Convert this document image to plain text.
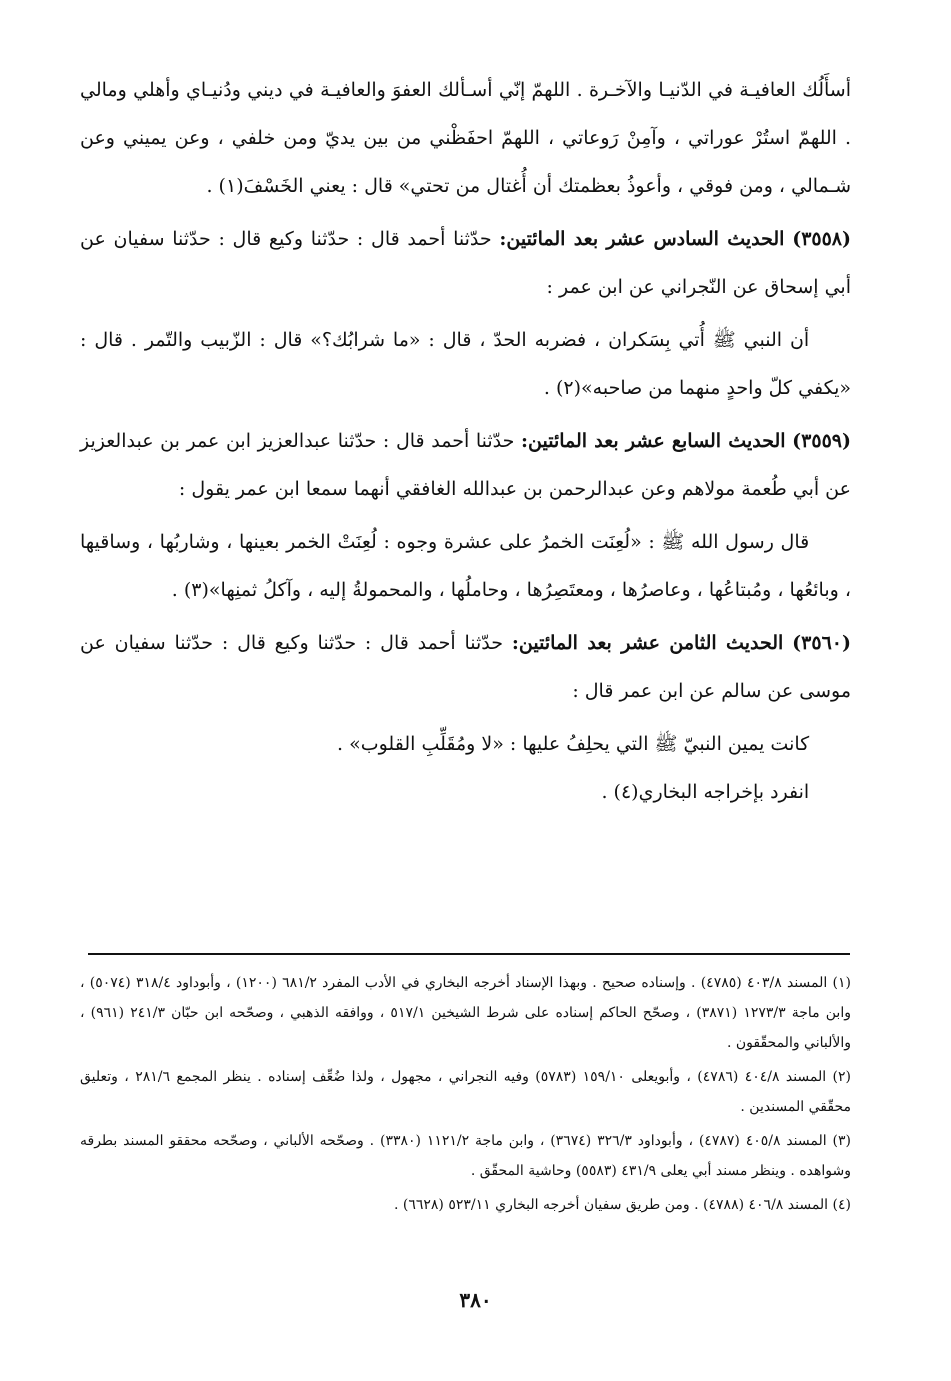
أسأَلُك العافيـة في الدّنيـا والآخـرة . اللهمّ إنّي أسـألك العفوَ والعافيـة في ديني ودُنيـاي وأهلي ومالي . اللهمّ استُرْ عوراتي ، وآمِنْ رَوعاتي ، اللهمّ احفَظْني من بين يديّ ومن خلفي ، وعن يميني وعن شـمالي ، ومن فوقي ، وأعوذُ بعظمتك أن أُغتال من تحتي» قال : يعني الخَسْفَ(١) .

(٣٥٥٨) الحديث السادس عشر بعد المائتين: حدّثنا أحمد قال : حدّثنا وكيع قال : حدّثنا سفيان عن أبي إسحاق عن النّجراني عن ابن عمر :

أن النبي ﷺ أُتي بِسَكران ، فضربه الحدّ ، قال : «ما شرابُك؟» قال : الزّبيب والتّمر . قال : «يكفي كلّ واحدٍ منهما من صاحبه»(٢) .

(٣٥٥٩) الحديث السابع عشر بعد المائتين: حدّثنا أحمد قال : حدّثنا عبدالعزيز ابن عمر بن عبدالعزيز عن أبي طُعمة مولاهم وعن عبدالرحمن بن عبدالله الغافقي أنهما سمعا ابن عمر يقول :

قال رسول الله ﷺ : «لُعِنَت الخمرُ على عشرة وجوه : لُعِنَتْ الخمر بعينها ، وشاربُها ، وساقيها ، وبائعُها ، ومُبتاعُها ، وعاصرُها ، ومعتَصِرُها ، وحاملُها ، والمحمولةُ إليه ، وآكلُ ثمنِها»(٣) .

(٣٥٦٠) الحديث الثامن عشر بعد المائتين: حدّثنا أحمد قال : حدّثنا وكيع قال : حدّثنا سفيان عن موسى عن سالم عن ابن عمر قال :

كانت يمين النبيّ ﷺ التي يحلِفُ عليها : «لا ومُقَلِّبِ القلوب» .

انفرد بإخراجه البخاري(٤) .

(١) المسند ٤٠٣/٨ (٤٧٨٥) . وإسناده صحيح . وبهذا الإسناد أخرجه البخاري في الأدب المفرد ٦٨١/٢ (١٢٠٠) ، وأبوداود ٣١٨/٤ (٥٠٧٤) ، وابن ماجة ١٢٧٣/٣ (٣٨٧١) ، وصحّح الحاكم إسناده على شرط الشيخين ٥١٧/١ ، ووافقه الذهبي ، وصحّحه ابن حبّان ٢٤١/٣ (٩٦١) ، والألباني والمحقّقون .

(٢) المسند ٤٠٤/٨ (٤٧٨٦) ، وأبويعلى ١٥٩/١٠ (٥٧٨٣) وفيه النجراني ، مجهول ، ولذا ضُعِّف إسناده . ينظر المجمع ٢٨١/٦ ، وتعليق محقّقي المسندين .

(٣) المسند ٤٠٥/٨ (٤٧٨٧) ، وأبوداود ٣٢٦/٣ (٣٦٧٤) ، وابن ماجة ١١٢١/٢ (٣٣٨٠) . وصحّحه الألباني ، وصحّحه محققو المسند بطرقه وشواهده . وينظر مسند أبي يعلى ٤٣١/٩ (٥٥٨٣) وحاشية المحقّق .

(٤) المسند ٤٠٦/٨ (٤٧٨٨) . ومن طريق سفيان أخرجه البخاري ٥٢٣/١١ (٦٦٢٨) .

٣٨٠
